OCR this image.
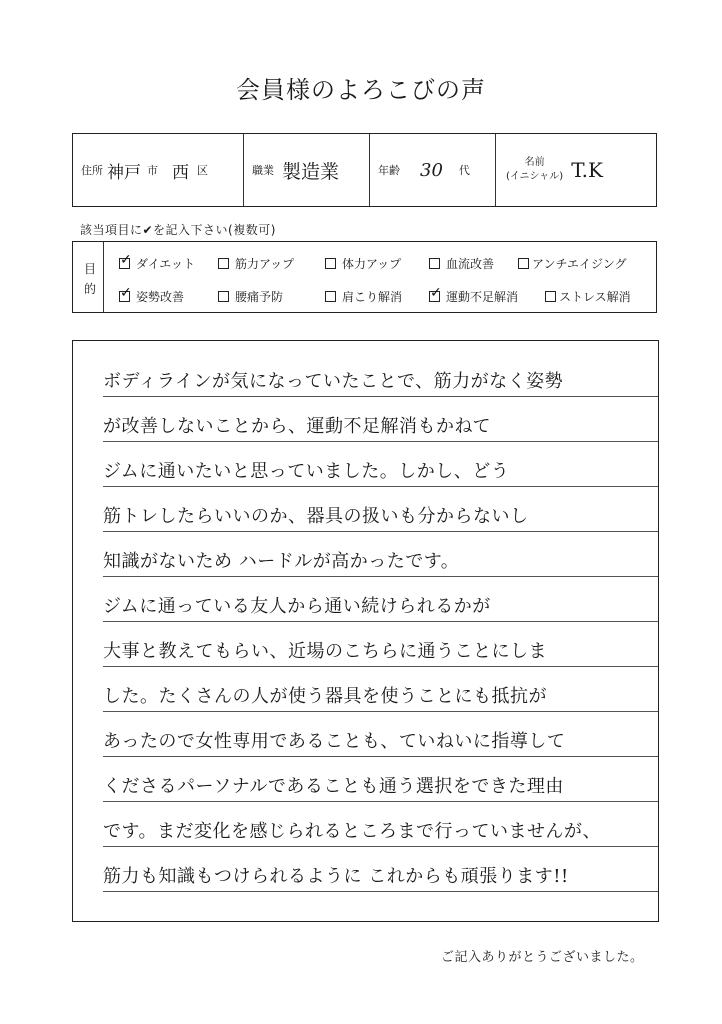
会員様のよろこびの声
住所 神戸 市 西 区	職業 製造業	年齢 30 代
名前
(イニシャル) T.K
該当項目に✔を記入下さい(複数可)
目
的
✓ ダイエット	筋力アップ	体力アップ	血流改善	アンチエイジング
✓ 姿勢改善	腰痛予防	肩こり解消 ✓ 運動不足解消	ストレス解消
ボディラインが気になっていたことで、筋力がなく姿勢
が改善しないことから、運動不足解消もかねて
ジムに通いたいと思っていました。しかし、どう
筋トレしたらいいのか、器具の扱いも分からないし
知識がないため ハードルが高かったです。
ジムに通っている友人から通い続けられるかが
大事と教えてもらい、近場のこちらに通うことにしま
した。たくさんの人が使う器具を使うことにも抵抗が
あったので女性専用であることも、ていねいに指導して
くださるパーソナルであることも通う選択をできた理由
です。まだ変化を感じられるところまで行っていませんが、
筋力も知識もつけられるように これからも頑張ります!!
ご記入ありがとうございました。
